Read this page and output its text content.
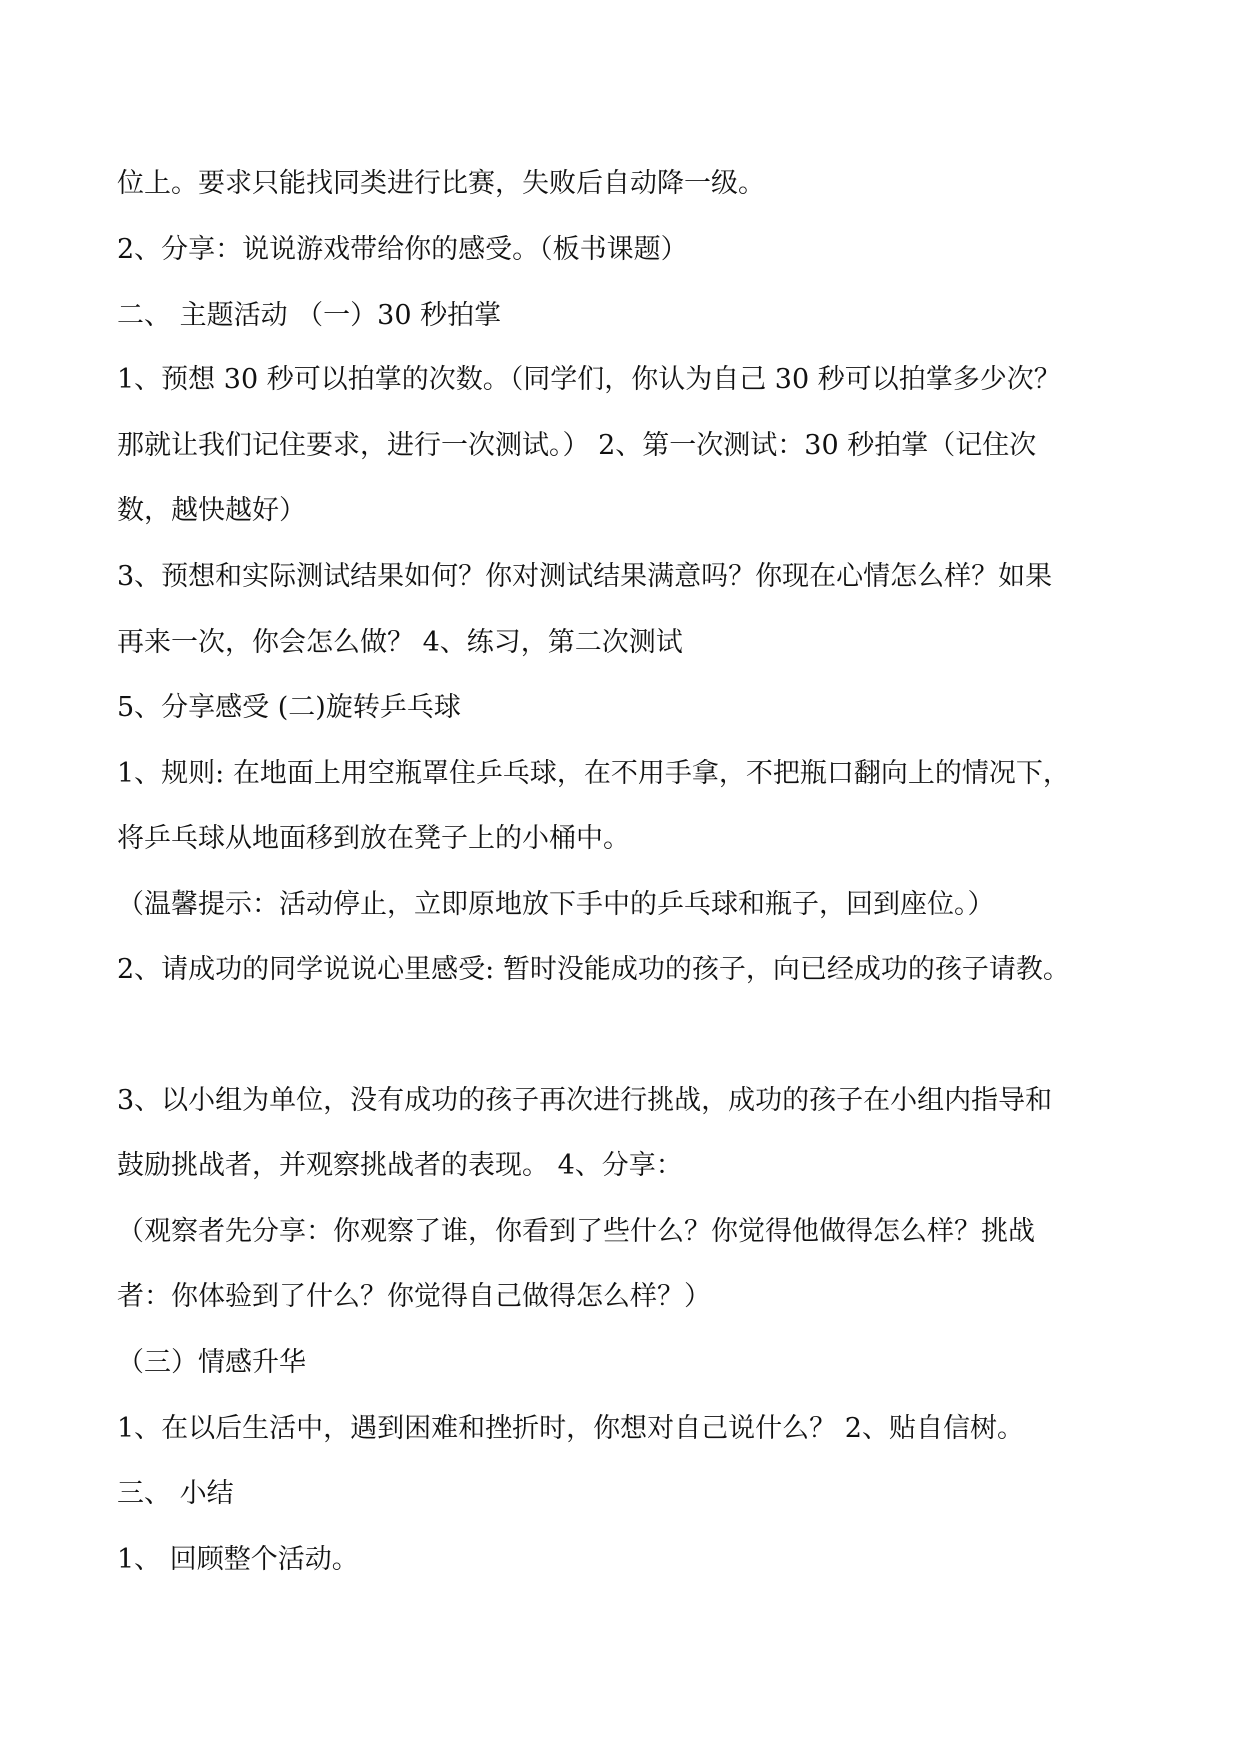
位上。要求只能找同类进行比赛，失败后自动降一级。
2、分享：说说游戏带给你的感受。（板书课题）
二、 主题活动 （一）30 秒拍掌
1、预想 30 秒可以拍掌的次数。（同学们，你认为自己 30 秒可以拍掌多少次？
那就让我们记住要求，进行一次测试。） 2、第一次测试：30 秒拍掌（记住次
数，越快越好）
3、预想和实际测试结果如何？你对测试结果满意吗？你现在心情怎么样？如果
再来一次，你会怎么做？ 4、练习，第二次测试
5、分享感受 (二)旋转乒乓球
1、规则: 在地面上用空瓶罩住乒乓球，在不用手拿，不把瓶口翻向上的情况下，
将乒乓球从地面移到放在凳子上的小桶中。
（温馨提示：活动停止，立即原地放下手中的乒乓球和瓶子，回到座位。）
2、请成功的同学说说心里感受: 暂时没能成功的孩子，向已经成功的孩子请教。
3、以小组为单位，没有成功的孩子再次进行挑战，成功的孩子在小组内指导和
鼓励挑战者，并观察挑战者的表现。 4、分享：
（观察者先分享：你观察了谁，你看到了些什么？你觉得他做得怎么样？挑战
者：你体验到了什么？你觉得自己做得怎么样？）
（三）情感升华
1、在以后生活中，遇到困难和挫折时，你想对自己说什么？ 2、贴自信树。
三、 小结
1、 回顾整个活动。
